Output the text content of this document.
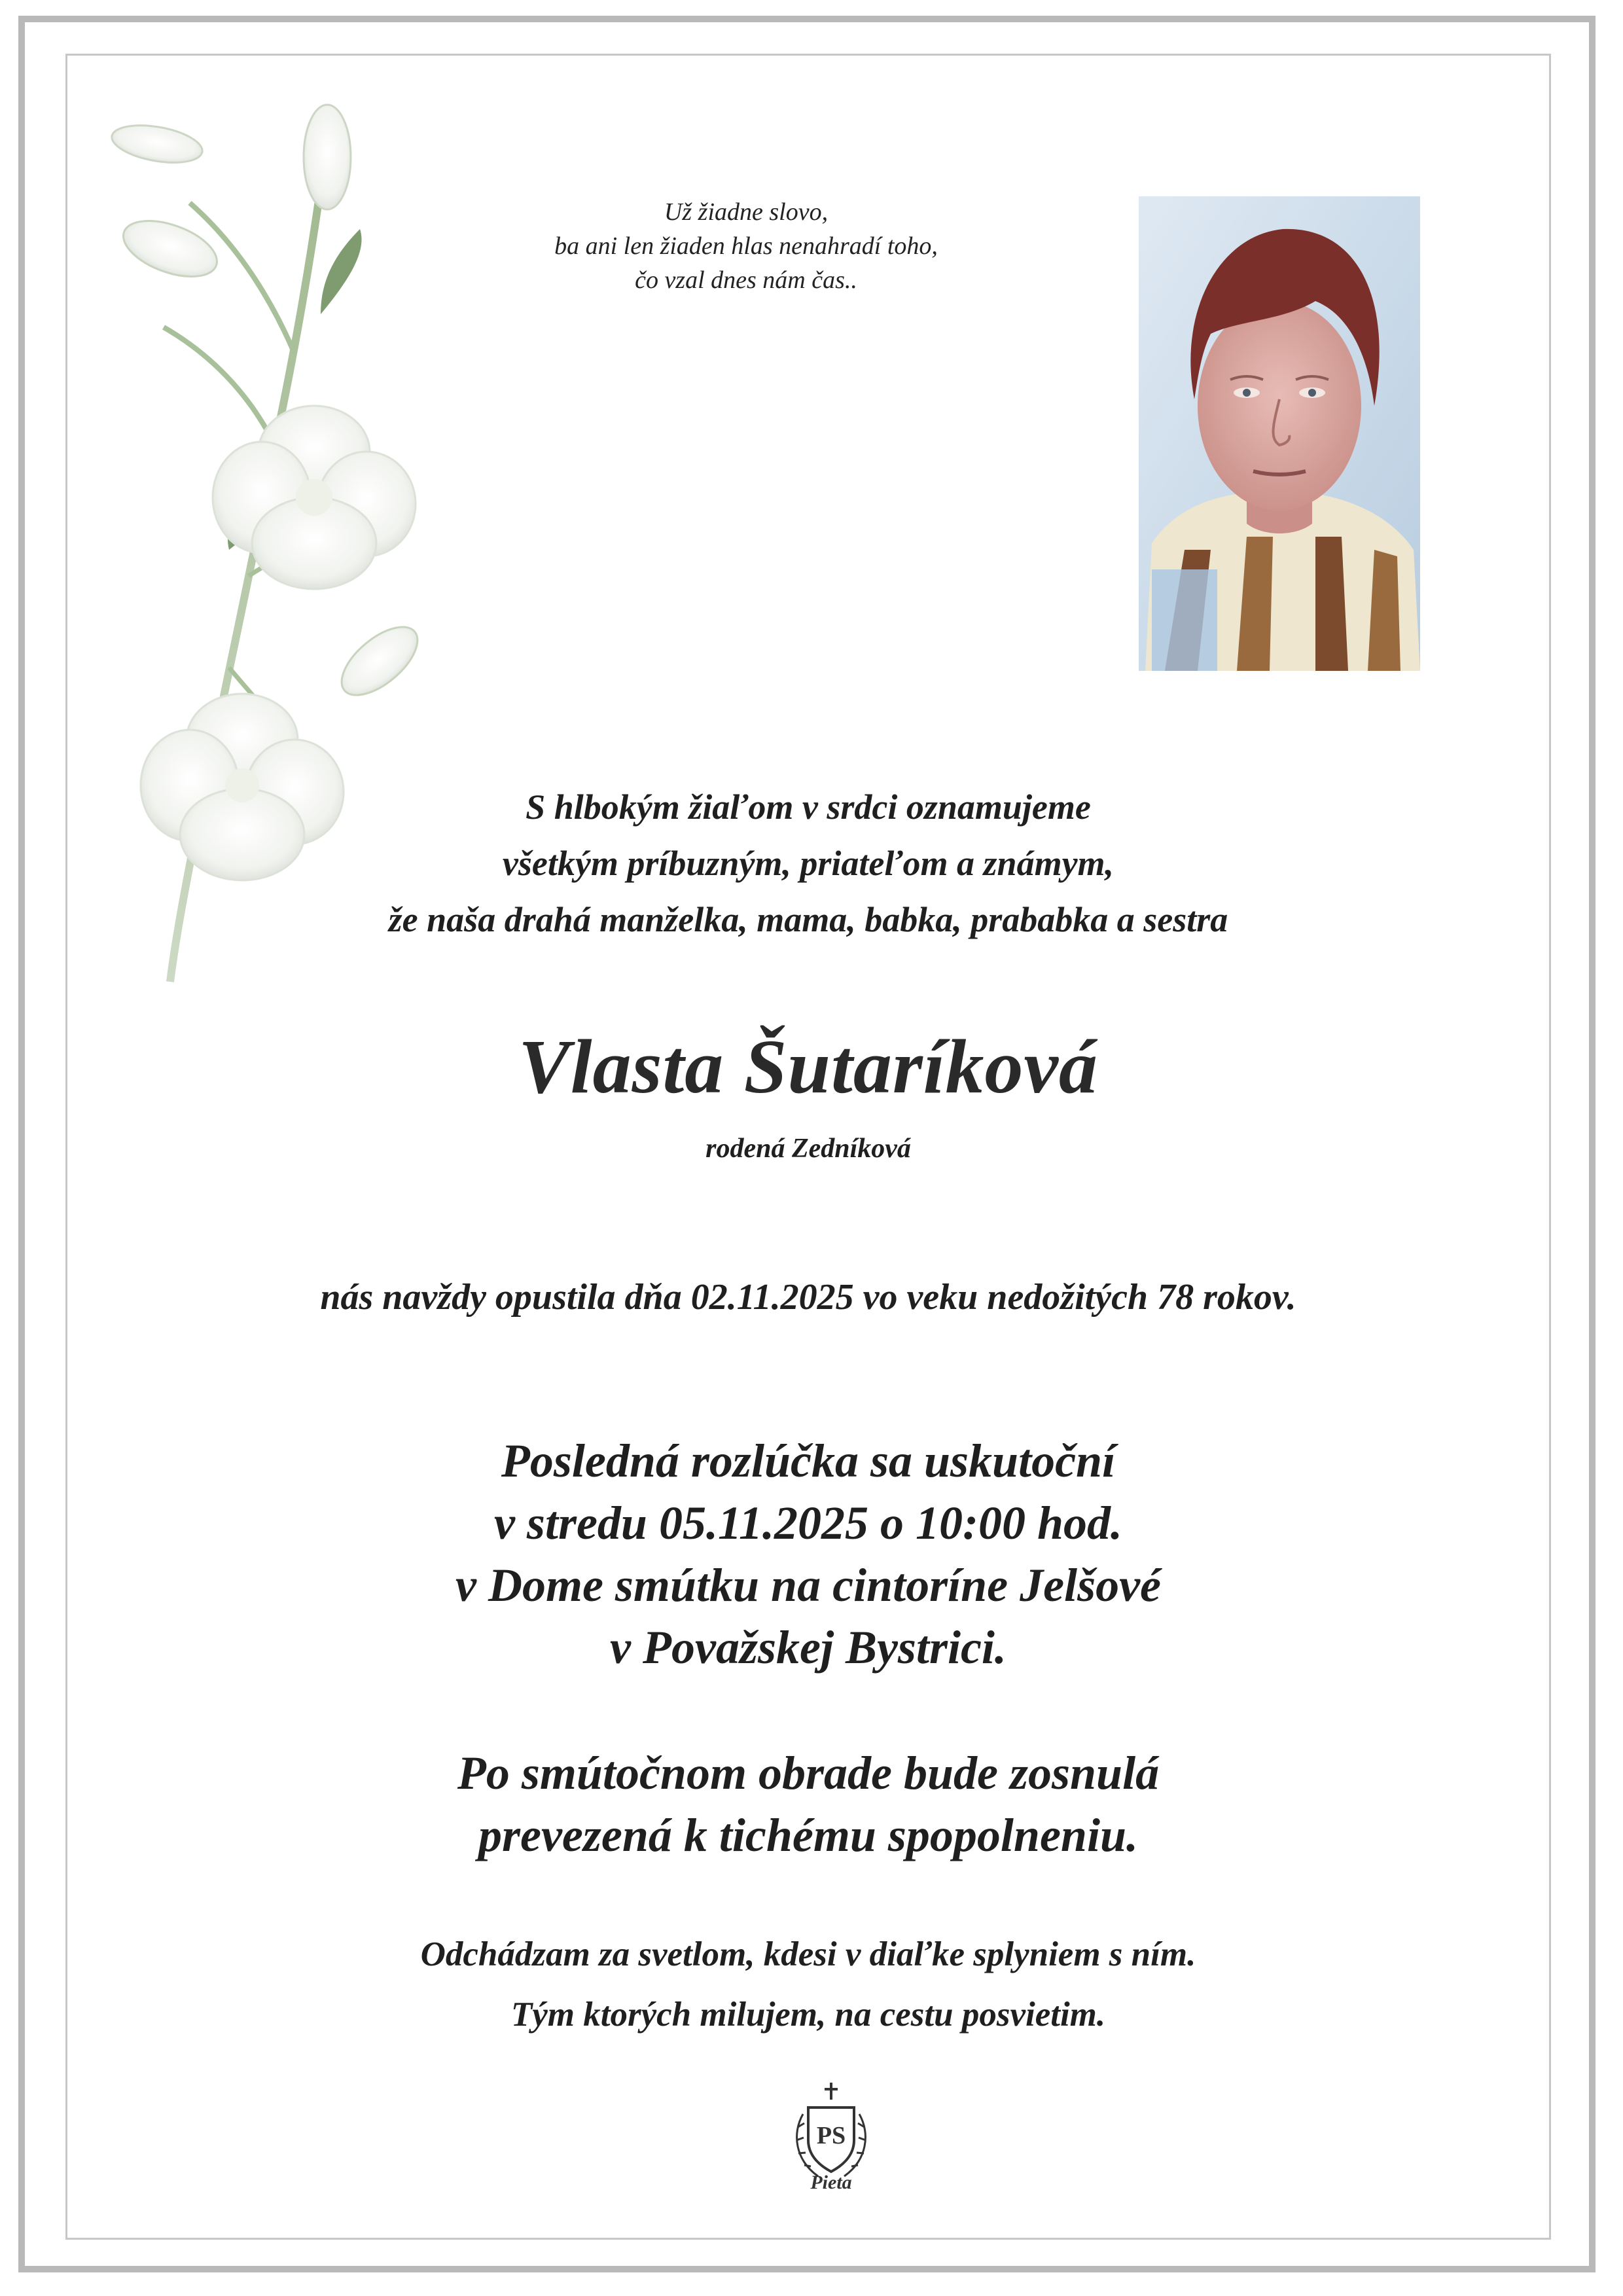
Už žiadne slovo,
ba ani len žiaden hlas nenahradí toho,
čo vzal dnes nám čas..
S hlbokým žiaľom v srdci oznamujeme
všetkým príbuzným, priateľom a známym,
že naša drahá manželka, mama, babka, prababka a sestra
Vlasta Šutaríková
rodená Zedníková
nás navždy opustila dňa 02.11.2025 vo veku nedožitých 78 rokov.
Posledná rozlúčka sa uskutoční
v stredu 05.11.2025 o 10:00 hod.
v Dome smútku na cintoríne Jelšové
v Považskej Bystrici.
Po smútočnom obrade bude zosnulá
prevezená k tichému spopolneniu.
Odchádzam za svetlom, kdesi v diaľke splyniem s ním.
Tým ktorých milujem, na cestu posvietim.
PS
Pieta
